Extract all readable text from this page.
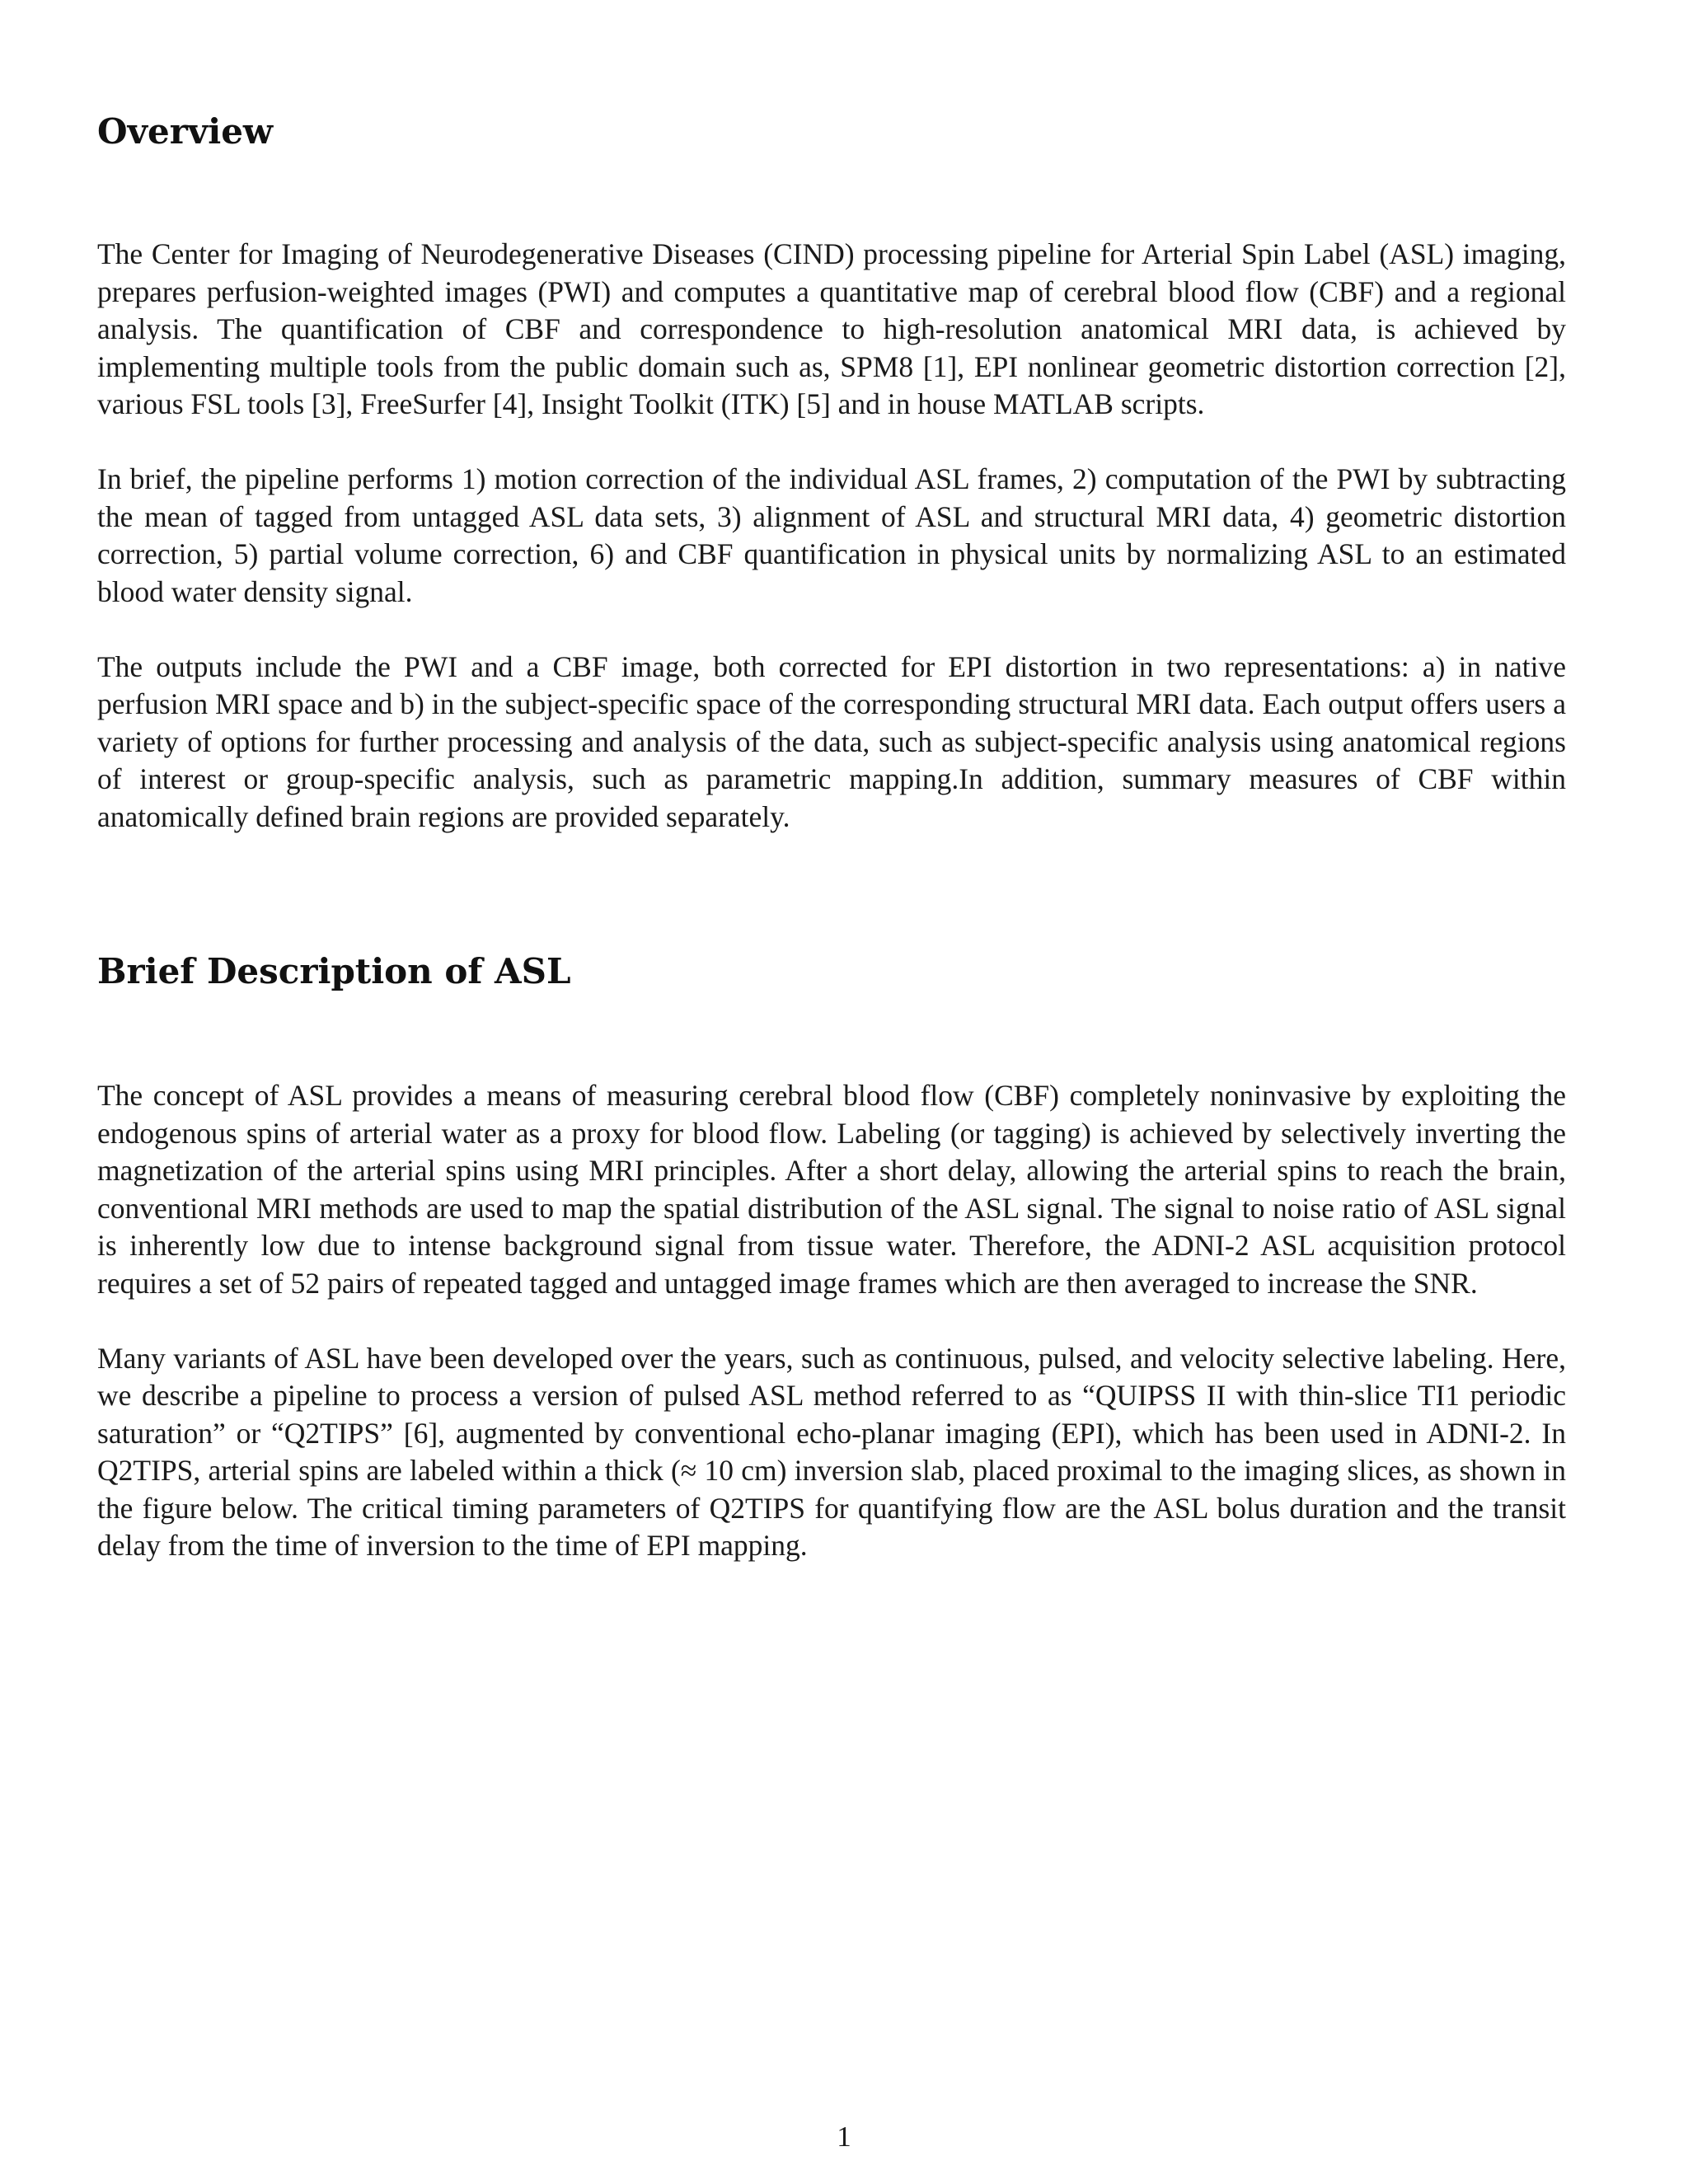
Overview

The Center for Imaging of Neurodegenerative Diseases (CIND) processing pipeline for Arterial Spin Label (ASL) imaging, prepares perfusion-weighted images (PWI) and computes a quantitative map of cerebral blood flow (CBF) and a regional analysis. The quantification of CBF and correspondence to high-resolution anatomical MRI data, is achieved by implementing multiple tools from the public domain such as, SPM8 [1], EPI nonlinear geometric distortion correction [2], various FSL tools [3], FreeSurfer [4], Insight Toolkit (ITK) [5] and in house MATLAB scripts.

In brief, the pipeline performs 1) motion correction of the individual ASL frames, 2) computation of the PWI by subtracting the mean of tagged from untagged ASL data sets, 3) alignment of ASL and structural MRI data, 4) geometric distortion correction, 5) partial volume correction, 6) and CBF quantification in physical units by normalizing ASL to an estimated blood water density signal.

The outputs include the PWI and a CBF image, both corrected for EPI distortion in two representations: a) in native perfusion MRI space and b) in the subject-specific space of the corresponding structural MRI data. Each output offers users a variety of options for further processing and analysis of the data, such as subject-specific analysis using anatomical regions of interest or group-specific analysis, such as parametric mapping.In addition, summary measures of CBF within anatomically defined brain regions are provided separately.

Brief Description of ASL

The concept of ASL provides a means of measuring cerebral blood flow (CBF) completely noninvasive by exploiting the endogenous spins of arterial water as a proxy for blood flow. Labeling (or tagging) is achieved by selectively inverting the magnetization of the arterial spins using MRI principles. After a short delay, allowing the arterial spins to reach the brain, conventional MRI methods are used to map the spatial distribution of the ASL signal. The signal to noise ratio of ASL signal is inherently low due to intense background signal from tissue water. Therefore, the ADNI-2 ASL acquisition protocol requires a set of 52 pairs of repeated tagged and untagged image frames which are then averaged to increase the SNR.

Many variants of ASL have been developed over the years, such as continuous, pulsed, and velocity selective labeling. Here, we describe a pipeline to process a version of pulsed ASL method referred to as “QUIPSS II with thin-slice TI1 periodic saturation” or “Q2TIPS” [6], augmented by conventional echo-planar imaging (EPI), which has been used in ADNI-2. In Q2TIPS, arterial spins are labeled within a thick (≈ 10 cm) inversion slab, placed proximal to the imaging slices, as shown in the figure below. The critical timing parameters of Q2TIPS for quantifying flow are the ASL bolus duration and the transit delay from the time of inversion to the time of EPI mapping.

1
